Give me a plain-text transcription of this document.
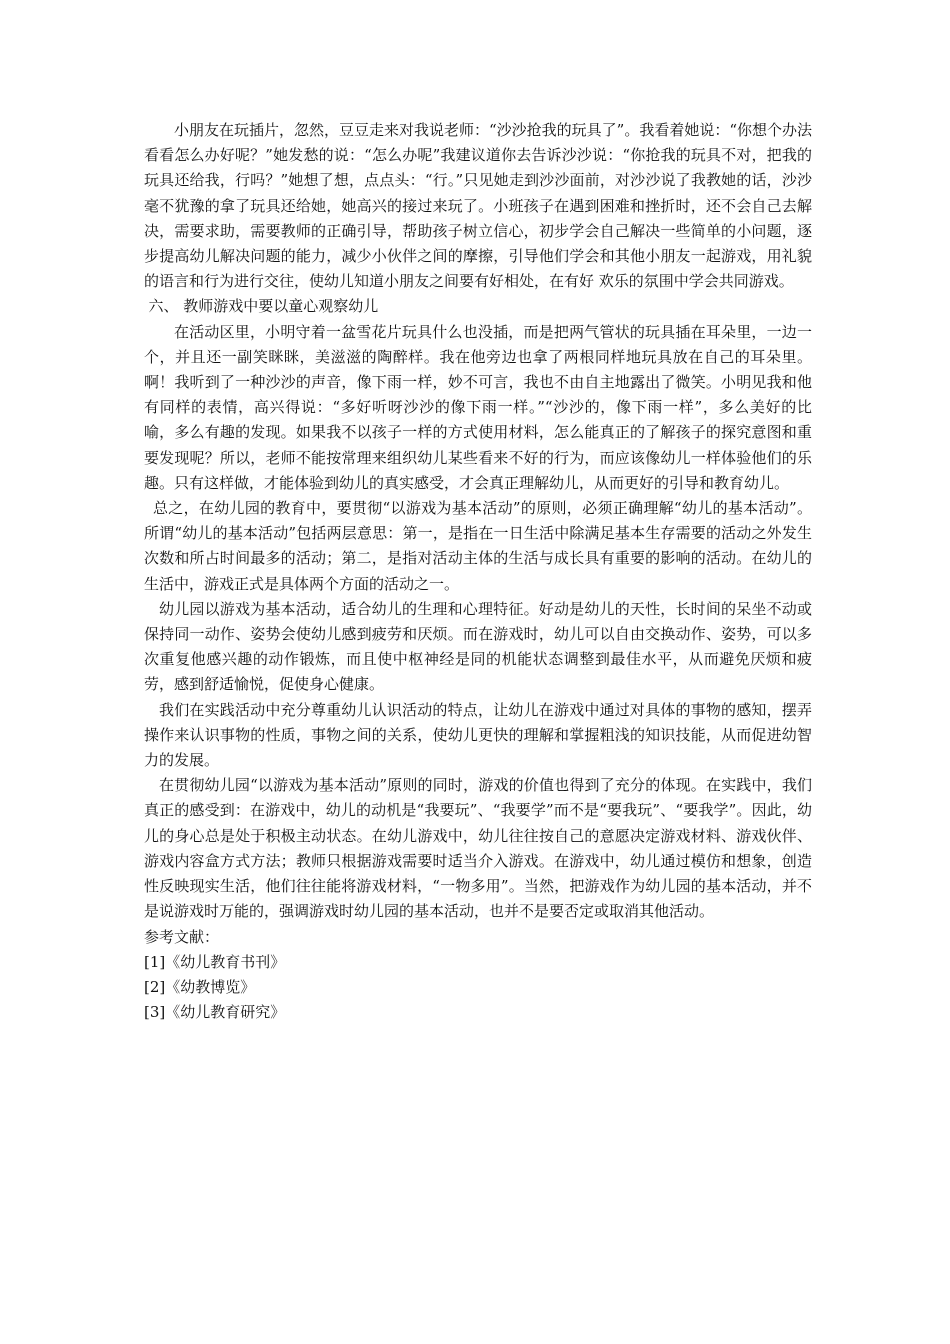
小朋友在玩插片，忽然，豆豆走来对我说老师：“沙沙抢我的玩具了”。我看着她说：“你想个办法看看怎么办好呢？”她发愁的说：“怎么办呢”我建议道你去告诉沙沙说：“你抢我的玩具不对，把我的玩具还给我，行吗？”她想了想，点点头：“行。”只见她走到沙沙面前，对沙沙说了我教她的话，沙沙毫不犹豫的拿了玩具还给她，她高兴的接过来玩了。小班孩子在遇到困难和挫折时，还不会自己去解决，需要求助，需要教师的正确引导，帮助孩子树立信心，初步学会自己解决一些简单的小问题，逐步提高幼儿解决问题的能力，减少小伙伴之间的摩擦，引导他们学会和其他小朋友一起游戏，用礼貌的语言和行为进行交往，使幼儿知道小朋友之间要有好相处，在有好 欢乐的氛围中学会共同游戏。

六、 教师游戏中要以童心观察幼儿

在活动区里，小明守着一盆雪花片玩具什么也没插，而是把两气管状的玩具插在耳朵里，一边一个，并且还一副笑眯眯，美滋滋的陶醉样。我在他旁边也拿了两根同样地玩具放在自己的耳朵里。啊！我听到了一种沙沙的声音，像下雨一样，妙不可言，我也不由自主地露出了微笑。小明见我和他有同样的表情，高兴得说：“多好听呀沙沙的像下雨一样。”“沙沙的，像下雨一样”，多么美好的比喻，多么有趣的发现。如果我不以孩子一样的方式使用材料，怎么能真正的了解孩子的探究意图和重要发现呢？所以，老师不能按常理来组织幼儿某些看来不好的行为，而应该像幼儿一样体验他们的乐趣。只有这样做，才能体验到幼儿的真实感受，才会真正理解幼儿，从而更好的引导和教育幼儿。

总之，在幼儿园的教育中，要贯彻“以游戏为基本活动”的原则，必须正确理解“幼儿的基本活动”。所谓“幼儿的基本活动”包括两层意思：第一，是指在一日生活中除满足基本生存需要的活动之外发生次数和所占时间最多的活动；第二，是指对活动主体的生活与成长具有重要的影响的活动。在幼儿的生活中，游戏正式是具体两个方面的活动之一。

幼儿园以游戏为基本活动，适合幼儿的生理和心理特征。好动是幼儿的天性，长时间的呆坐不动或保持同一动作、姿势会使幼儿感到疲劳和厌烦。而在游戏时，幼儿可以自由交换动作、姿势，可以多次重复他感兴趣的动作锻炼，而且使中枢神经是同的机能状态调整到最佳水平，从而避免厌烦和疲劳，感到舒适愉悦，促使身心健康。

我们在实践活动中充分尊重幼儿认识活动的特点，让幼儿在游戏中通过对具体的事物的感知，摆弄操作来认识事物的性质，事物之间的关系，使幼儿更快的理解和掌握粗浅的知识技能，从而促进幼智力的发展。

在贯彻幼儿园“以游戏为基本活动”原则的同时，游戏的价值也得到了充分的体现。在实践中，我们真正的感受到：在游戏中，幼儿的动机是“我要玩”、“我要学”而不是“要我玩”、“要我学”。因此，幼儿的身心总是处于积极主动状态。在幼儿游戏中，幼儿往往按自己的意愿决定游戏材料、游戏伙伴、游戏内容盒方式方法；教师只根据游戏需要时适当介入游戏。在游戏中，幼儿通过模仿和想象，创造性反映现实生活，他们往往能将游戏材料，“一物多用”。当然，把游戏作为幼儿园的基本活动，并不是说游戏时万能的，强调游戏时幼儿园的基本活动，也并不是要否定或取消其他活动。

参考文献：

[1]《幼儿教育书刊》

[2]《幼教博览》

[3]《幼儿教育研究》
